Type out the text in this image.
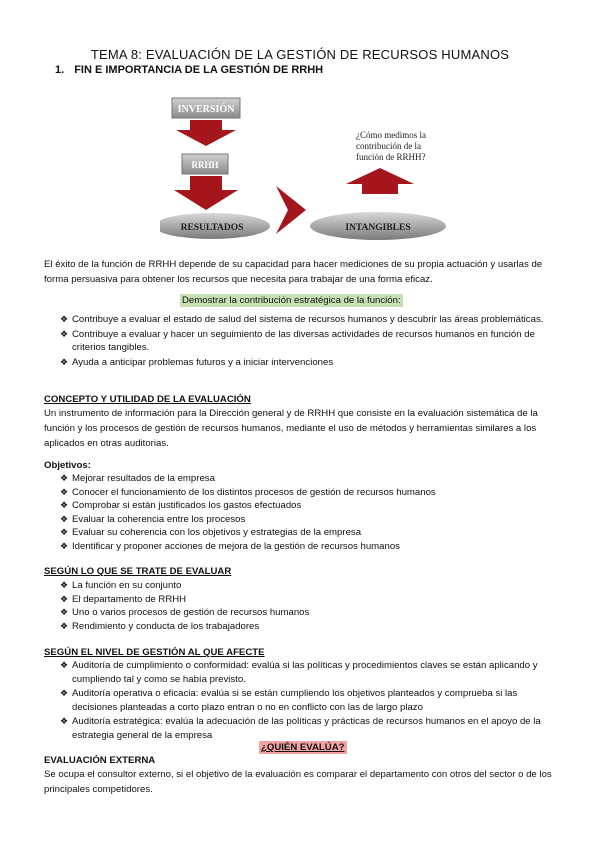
TEMA 8: EVALUACIÓN DE LA GESTIÓN DE RECURSOS HUMANOS
1. FIN E IMPORTANCIA DE LA GESTIÓN DE RRHH
INVERSIÓN
RRHH
RESULTADOS	INTANGIBLES
¿Cómo medimos la
contribución de la
función de RRHH?
El éxito de la función de RRHH depende de su capacidad para hacer mediciones de su propia actuación y usarlas de forma persuasiva para obtener los recursos que necesita para trabajar de una forma eficaz.
Demostrar la contribución estratégica de la función:
❖ Contribuye a evaluar el estado de salud del sistema de recursos humanos y descubrir las áreas problemáticas.
❖ Contribuye a evaluar y hacer un seguimiento de las diversas actividades de recursos humanos en función de criterios tangibles.
❖ Ayuda a anticipar problemas futuros y a iniciar intervenciones
CONCEPTO Y UTILIDAD DE LA EVALUACIÓN
Un instrumento de información para la Dirección general y de RRHH que consiste en la evaluación sistemática de la función y los procesos de gestión de recursos humanos, mediante el uso de métodos y herramientas similares a los aplicados en otras auditorias.
Objetivos:
❖ Mejorar resultados de la empresa
❖ Conocer el funcionamiento de los distintos procesos de gestión de recursos humanos
❖ Comprobar si están justificados los gastos efectuados
❖ Evaluar la coherencia entre los procesos
❖ Evaluar su coherencia con los objetivos y estrategias de la empresa
❖ Identificar y proponer acciones de mejora de la gestión de recursos humanos
SEGÚN LO QUE SE TRATE DE EVALUAR
❖ La función en su conjunto
❖ El departamento de RRHH
❖ Uno o varios procesos de gestión de recursos humanos
❖ Rendimiento y conducta de los trabajadores
SEGÚN EL NIVEL DE GESTIÓN AL QUE AFECTE
❖ Auditoría de cumplimiento o conformidad: evalúa si las políticas y procedimientos claves se están aplicando y cumpliendo tal y como se había previsto.
❖ Auditoría operativa o eficacia: evalúa si se están cumpliendo los objetivos planteados y comprueba si las decisiones planteadas a corto plazo entran o no en conflicto con las de largo plazo
❖ Auditoría estratégica: evalúa la adecuación de las políticas y prácticas de recursos humanos en el apoyo de la estrategia general de la empresa
¿QUIÉN EVALÚA?
EVALUACIÓN EXTERNA
Se ocupa el consultor externo, si el objetivo de la evaluación es comparar el departamento con otros del sector o de los principales competidores.
